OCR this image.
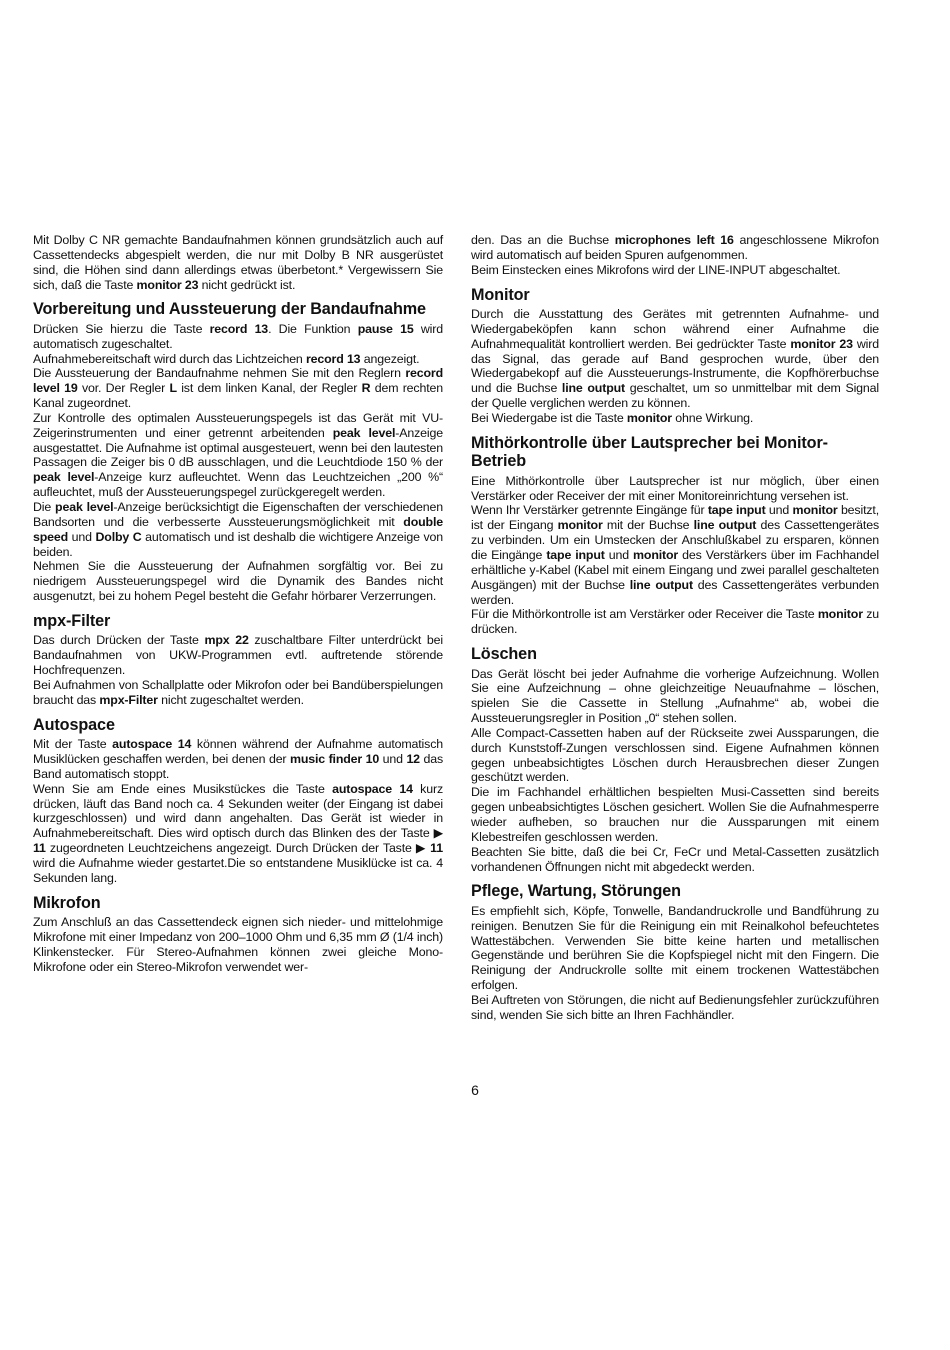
Mit Dolby C NR gemachte Bandaufnahmen können grundsätzlich auch auf Cassettendecks abgespielt werden, die nur mit Dolby B NR ausgerüstet sind, die Höhen sind dann allerdings etwas überbetont.* Vergewissern Sie sich, daß die Taste monitor 23 nicht gedrückt ist.

Vorbereitung und Aussteuerung der Bandaufnahme

Drücken Sie hierzu die Taste record 13. Die Funktion pause 15 wird automatisch zugeschaltet.

Aufnahmebereitschaft wird durch das Lichtzeichen record 13 angezeigt.

Die Aussteuerung der Bandaufnahme nehmen Sie mit den Reglern record level 19 vor. Der Regler L ist dem linken Kanal, der Regler R dem rechten Kanal zugeordnet.

Zur Kontrolle des optimalen Aussteuerungspegels ist das Gerät mit VU-Zeigerinstrumenten und einer getrennt arbeitenden peak level-Anzeige ausgestattet. Die Aufnahme ist optimal ausgesteuert, wenn bei den lautesten Passagen die Zeiger bis 0 dB ausschlagen, und die Leuchtdiode 150 % der peak level-Anzeige kurz aufleuchtet. Wenn das Leuchtzeichen „200 %“ aufleuchtet, muß der Aussteuerungspegel zurückgeregelt werden.

Die peak level-Anzeige berücksichtigt die Eigenschaften der verschiedenen Bandsorten und die verbesserte Aussteuerungsmöglichkeit mit double speed und Dolby C automatisch und ist deshalb die wichtigere Anzeige von beiden.

Nehmen Sie die Aussteuerung der Aufnahmen sorgfältig vor. Bei zu niedrigem Aussteuerungspegel wird die Dynamik des Bandes nicht ausgenutzt, bei zu hohem Pegel besteht die Gefahr hörbarer Verzerrungen.

mpx-Filter

Das durch Drücken der Taste mpx 22 zuschaltbare Filter unterdrückt bei Bandaufnahmen von UKW-Programmen evtl. auftretende störende Hochfrequenzen.

Bei Aufnahmen von Schallplatte oder Mikrofon oder bei Bandüberspielungen braucht das mpx-Filter nicht zugeschaltet werden.

Autospace

Mit der Taste autospace 14 können während der Aufnahme automatisch Musiklücken geschaffen werden, bei denen der music finder 10 und 12 das Band automatisch stoppt.

Wenn Sie am Ende eines Musikstückes die Taste autospace 14 kurz drücken, läuft das Band noch ca. 4 Sekunden weiter (der Eingang ist dabei kurzgeschlossen) und wird dann angehalten. Das Gerät ist wieder in Aufnahmebereitschaft. Dies wird optisch durch das Blinken des der Taste ▶ 11 zugeordneten Leuchtzeichens angezeigt. Durch Drücken der Taste ▶ 11 wird die Aufnahme wieder gestartet.Die so entstandene Musiklücke ist ca. 4 Sekunden lang.

Mikrofon

Zum Anschluß an das Cassettendeck eignen sich nieder- und mittelohmige Mikrofone mit einer Impedanz von 200–1000 Ohm und 6,35 mm Ø (1/4 inch) Klinkenstecker. Für Stereo-Aufnahmen können zwei gleiche Mono-Mikrofone oder ein Stereo-Mikrofon verwendet wer-

den. Das an die Buchse microphones left 16 angeschlossene Mikrofon wird automatisch auf beiden Spuren aufgenommen.

Beim Einstecken eines Mikrofons wird der LINE-INPUT abgeschaltet.

Monitor

Durch die Ausstattung des Gerätes mit getrennten Aufnahme- und Wiedergabeköpfen kann schon während einer Aufnahme die Aufnahmequalität kontrolliert werden. Bei gedrückter Taste monitor 23 wird das Signal, das gerade auf Band gesprochen wurde, über den Wiedergabekopf auf die Aussteuerungs-Instrumente, die Kopfhörerbuchse und die Buchse line output geschaltet, um so unmittelbar mit dem Signal der Quelle verglichen werden zu können.

Bei Wiedergabe ist die Taste monitor ohne Wirkung.

Mithörkontrolle über Lautsprecher bei Monitor-Betrieb

Eine Mithörkontrolle über Lautsprecher ist nur möglich, über einen Verstärker oder Receiver der mit einer Monitoreinrichtung versehen ist.

Wenn Ihr Verstärker getrennte Eingänge für tape input und monitor besitzt, ist der Eingang monitor mit der Buchse line output des Cassettengerätes zu verbinden. Um ein Umstecken der Anschlußkabel zu ersparen, können die Eingänge tape input und monitor des Verstärkers über im Fachhandel erhältliche y-Kabel (Kabel mit einem Eingang und zwei parallel geschalteten Ausgängen) mit der Buchse line output des Cassettengerätes verbunden werden.

Für die Mithörkontrolle ist am Verstärker oder Receiver die Taste monitor zu drücken.

Löschen

Das Gerät löscht bei jeder Aufnahme die vorherige Aufzeichnung. Wollen Sie eine Aufzeichnung – ohne gleichzeitige Neuaufnahme – löschen, spielen Sie die Cassette in Stellung „Aufnahme“ ab, wobei die Aussteuerungsregler in Position „0“ stehen sollen.

Alle Compact-Cassetten haben auf der Rückseite zwei Aussparungen, die durch Kunststoff-Zungen verschlossen sind. Eigene Aufnahmen können gegen unbeabsichtigtes Löschen durch Herausbrechen dieser Zungen geschützt werden.

Die im Fachhandel erhältlichen bespielten Musi-Cassetten sind bereits gegen unbeabsichtigtes Löschen gesichert. Wollen Sie die Aufnahmesperre wieder aufheben, so brauchen nur die Aussparungen mit einem Klebestreifen geschlossen werden.

Beachten Sie bitte, daß die bei Cr, FeCr und Metal-Cassetten zusätzlich vorhandenen Öffnungen nicht mit abgedeckt werden.

Pflege, Wartung, Störungen

Es empfiehlt sich, Köpfe, Tonwelle, Bandandruckrolle und Bandführung zu reinigen. Benutzen Sie für die Reinigung ein mit Reinalkohol befeuchtetes Wattestäbchen. Verwenden Sie bitte keine harten und metallischen Gegenstände und berühren Sie die Kopfspiegel nicht mit den Fingern. Die Reinigung der Andruckrolle sollte mit einem trockenen Wattestäbchen erfolgen.

Bei Auftreten von Störungen, die nicht auf Bedienungsfehler zurückzuführen sind, wenden Sie sich bitte an Ihren Fachhändler.

6
